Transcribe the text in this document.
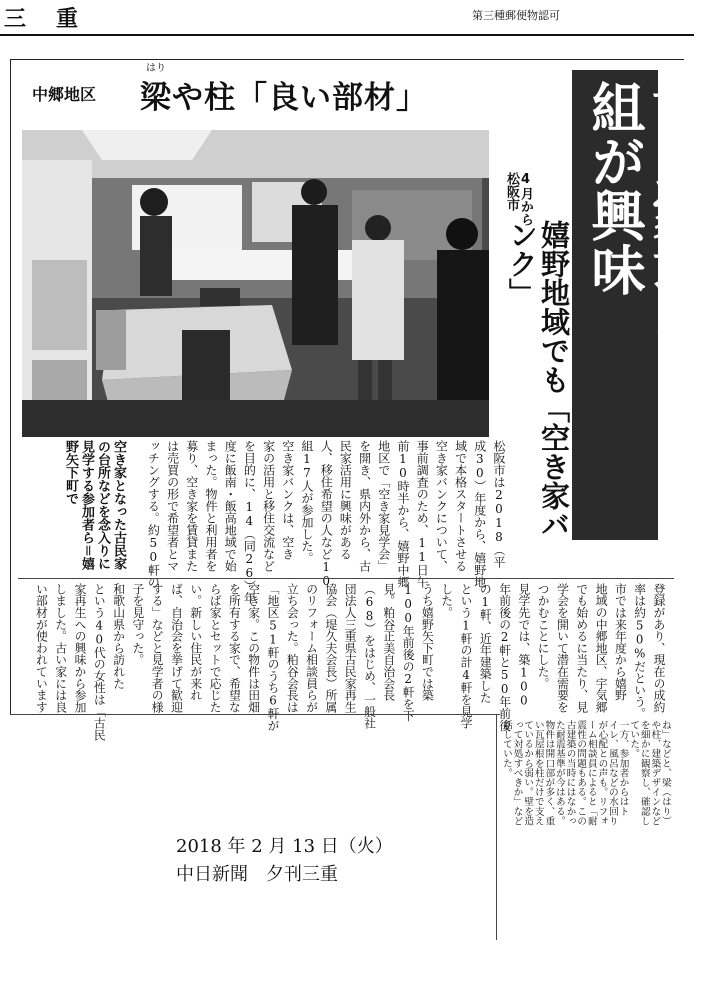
三重	第三種郵便物認可
中郷地区
はり
梁や柱「良い部材」	古民家求め、10組が興味
4月から
松阪市
嬉野地域でも「空き家バンク」
空き家となった古民家の台所などを念入りに見学する参加者ら＝嬉野矢下町で	松阪市は2018（平
成30）年度から、嬉野地
域で本格スタートさせる
空き家バンクについて、
事前調査のため、11日午
前10時半から、嬉野中郷
地区で「空き家見学会」
を開き、県内外から、古
民家活用に興味がある
人、移住希望の人など10
組17人が参加した。
空き家バンクは、空き
家の活用と移住交流など
を目的に、14（同26）年
度に飯南・飯高地域で始
まった。物件と利用者を
募り、空き家を賃貸また
は売買の形で希望者とマ
ッチングする。約50軒の
登録があり、現在の成約
率は約50%だという。
市では来年度から嬉野
地域の中郷地区、宇気郷
でも始めるに当たり、見
学会を開いて潜在需要を
つかむことにした。
見学先では、築100
年前後の2軒と50年前後
の1軒、近年建築した
という1軒の計4軒を見学
した。
うち嬉野矢下町では築
100年前後の2軒を下
見。粕谷正美自治会長
（68）をはじめ、一般社
団法人三重県古民家再生
協会（堤久夫会長）所属
のリフォーム相談員らが
立ち会った。粕谷会長は
「地区51軒のうち6軒が
空き家。この物件は田畑
を所有する家で、希望な
らば家とセットで応じた
い。新しい住民が来れ
ば、自治会を挙げて歓迎
する」などと見学者の様
子を見守った。
和歌山県から訪れた
という40代の女性は「古民
家再生への興味から参加
しました。古い家には良
い部材が使われています
ね」などと、梁（はり）
や柱、建築デザインなど
を細かに観察し、確認し
ていた。
一方、参加者からはト
イレ、風呂などの水回り
が心配との声も。リフォ
ーム相談員によると「耐
震性の問題もある。この
古建築の当時にはなかっ
た耐震基準が今はある。
物件は開口部が多く、重
い瓦屋根を柱だけで支え
ているから弱い。壁を造
って対処すべきか」など
話していた。
2018 年 2 月 13 日（火）
中日新聞　夕刊三重
